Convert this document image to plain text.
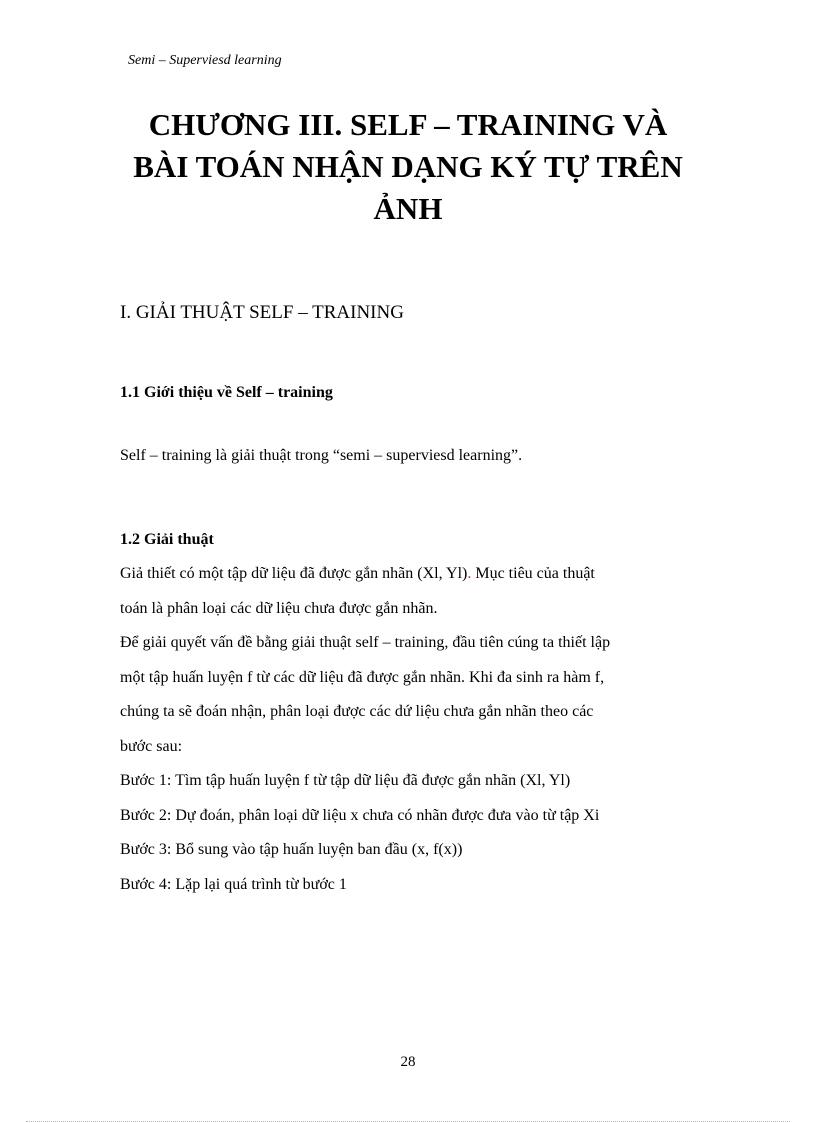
Semi – Superviesd learning
CHƯƠNG III. SELF – TRAINING VÀ
BÀI TOÁN NHẬN DẠNG KÝ TỰ TRÊN
ẢNH
I. GIẢI THUẬT SELF – TRAINING
1.1 Giới thiệu về Self – training
Self – training là giải thuật trong “semi – superviesd learning”.
1.2 Giải thuật
Giả thiết có một tập dữ liệu đã được gắn nhãn (Xl, Yl). Mục tiêu của thuật
toán là phân loại các dữ liệu chưa được gắn nhãn.
Để giải quyết vấn đề bằng giải thuật self – training, đầu tiên cúng ta thiết lập
một tập huấn luyện f từ các dữ liệu đã được gắn nhãn. Khi đa sinh ra hàm f,
chúng ta sẽ đoán nhận, phân loại được các dứ liệu chưa gắn nhãn theo các
bước sau:
Bước 1: Tìm tập huấn luyện f từ tập dữ liệu đã được gắn nhãn (Xl, Yl)
Bước 2: Dự đoán, phân loại dữ liệu x chưa có nhãn được đưa vào từ tập Xi
Bước 3: Bổ sung vào tập huấn luyện ban đầu (x, f(x))
Bước 4: Lặp lại quá trình từ bước 1
28
